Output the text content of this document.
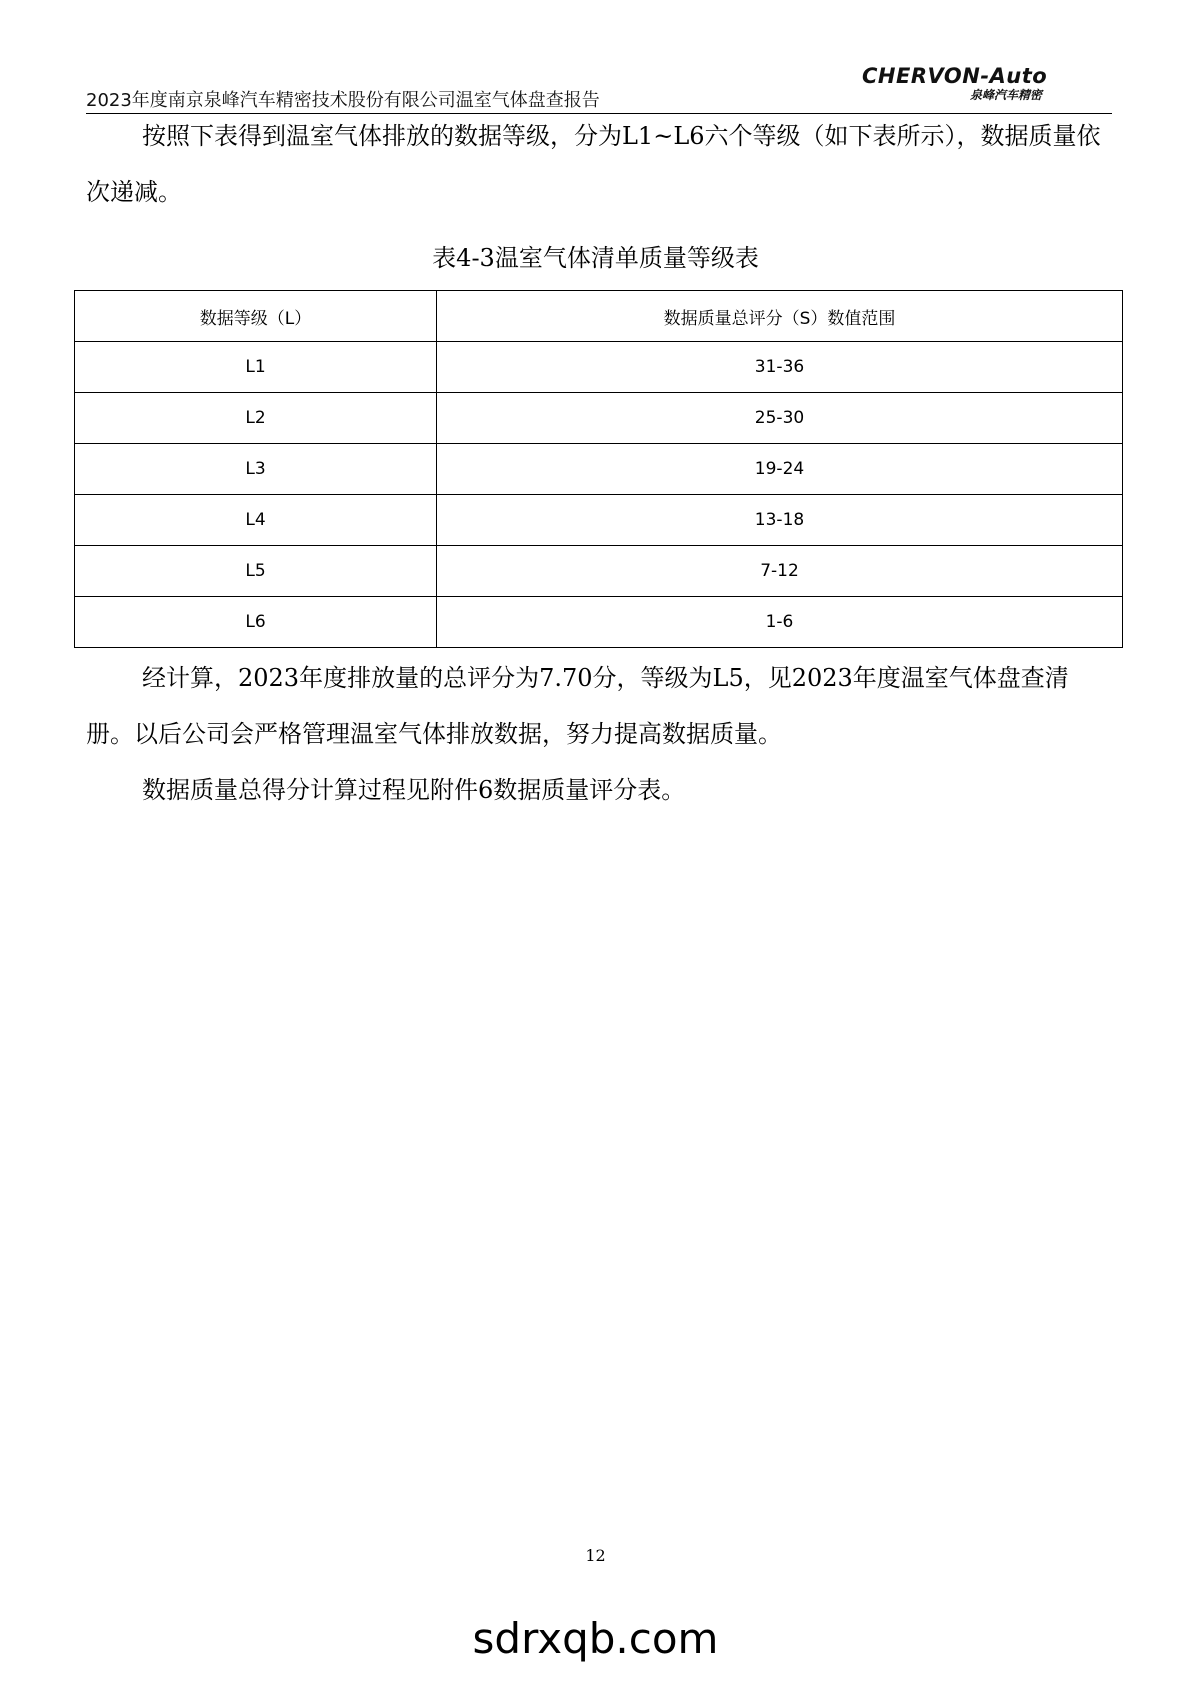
2023年度南京泉峰汽车精密技术股份有限公司温室气体盘查报告
CHERVON-Auto
泉峰汽车精密

按照下表得到温室气体排放的数据等级，分为L1~L6六个等级（如下表所示），数据质量依次递减。

表4-3温室气体清单质量等级表
数据等级（L）	数据质量总评分（S）数值范围
L1	31-36
L2	25-30
L3	19-24
L4	13-18
L5	7-12
L6	1-6

经计算，2023年度排放量的总评分为7.70分，等级为L5，见2023年度温室气体盘查清册。以后公司会严格管理温室气体排放数据，努力提高数据质量。

数据质量总得分计算过程见附件6数据质量评分表。

12
sdrxqb.com
